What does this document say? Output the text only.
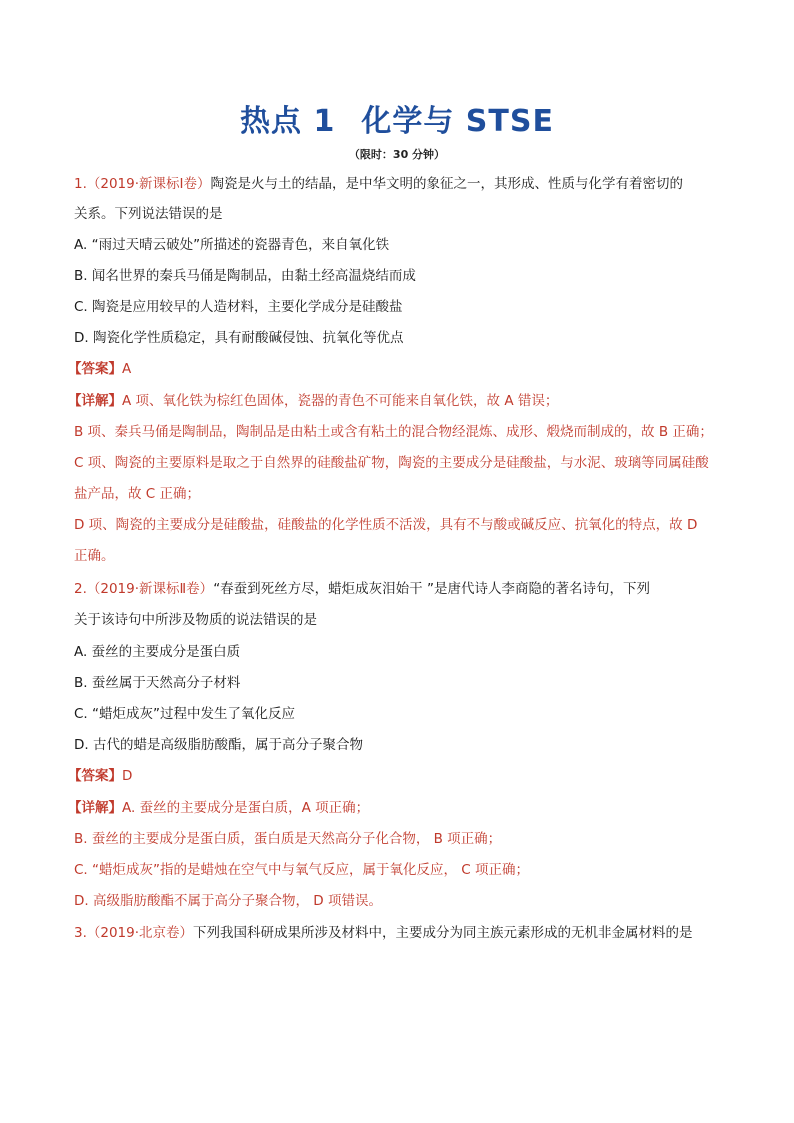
热点 1 化学与 STSE
（限时：30 分钟）
1.（2019·新课标Ⅰ卷）陶瓷是火与土的结晶，是中华文明的象征之一，其形成、性质与化学有着密切的
关系。下列说法错误的是
A. “雨过天晴云破处”所描述的瓷器青色，来自氧化铁
B. 闻名世界的秦兵马俑是陶制品，由黏土经高温烧结而成
C. 陶瓷是应用较早的人造材料，主要化学成分是硅酸盐
D. 陶瓷化学性质稳定，具有耐酸碱侵蚀、抗氧化等优点
【答案】A
【详解】A 项、氧化铁为棕红色固体，瓷器的青色不可能来自氧化铁，故 A 错误；
B 项、秦兵马俑是陶制品，陶制品是由粘土或含有粘土的混合物经混炼、成形、煅烧而制成的，故 B 正确；
C 项、陶瓷的主要原料是取之于自然界的硅酸盐矿物，陶瓷的主要成分是硅酸盐，与水泥、玻璃等同属硅酸
盐产品，故 C 正确；
D 项、陶瓷的主要成分是硅酸盐，硅酸盐的化学性质不活泼，具有不与酸或碱反应、抗氧化的特点，故 D
正确。
2.（2019·新课标Ⅱ卷）“春蚕到死丝方尽，蜡炬成灰泪始干 ”是唐代诗人李商隐的著名诗句，下列
关于该诗句中所涉及物质的说法错误的是
A. 蚕丝的主要成分是蛋白质
B. 蚕丝属于天然高分子材料
C. “蜡炬成灰”过程中发生了氧化反应
D. 古代的蜡是高级脂肪酸酯，属于高分子聚合物
【答案】D
【详解】A. 蚕丝的主要成分是蛋白质，A 项正确；
B. 蚕丝的主要成分是蛋白质，蛋白质是天然高分子化合物， B 项正确；
C. “蜡炬成灰”指的是蜡烛在空气中与氧气反应，属于氧化反应， C 项正确；
D. 高级脂肪酸酯不属于高分子聚合物， D 项错误。
3.（2019·北京卷）下列我国科研成果所涉及材料中，主要成分为同主族元素形成的无机非金属材料的是
